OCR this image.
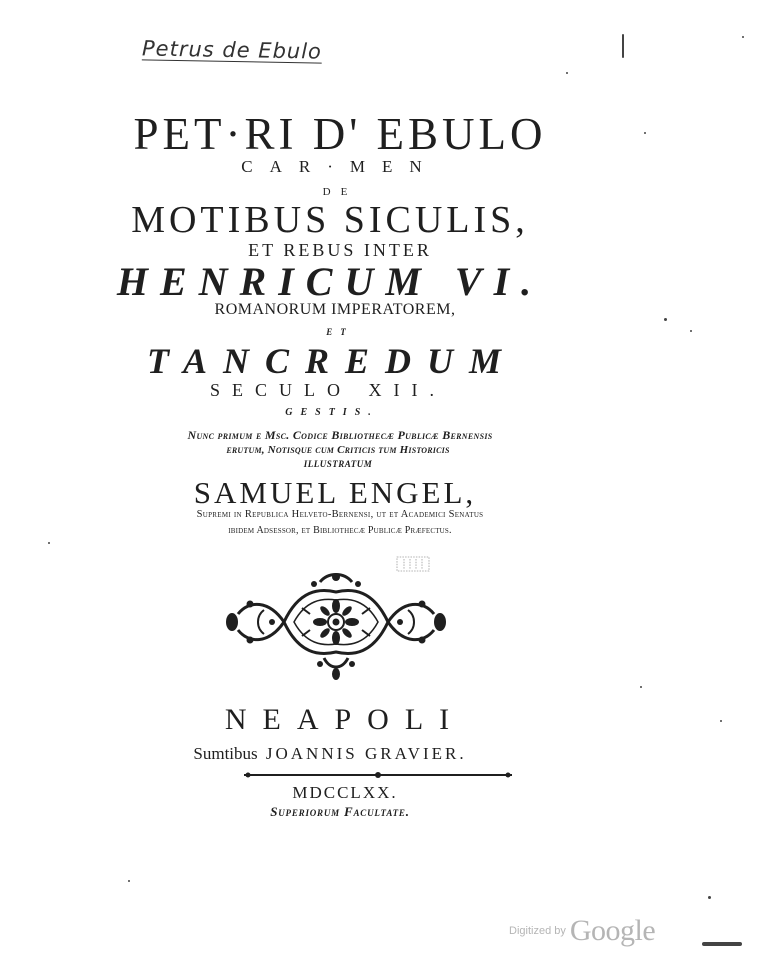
Petrus de Ebulo
PET·RI D' EBULO
CAR·MEN
DE
MOTIBUS SICULIS,
ET REBUS INTER
HENRICUM VI.
ROMANORUM IMPERATOREM,
ET
TANCREDUM
SECULO XII.
GESTIS.
Nunc primum e Msc. Codice Bibliothecæ Publicæ Bernensis
erutum, Notisque cum Criticis tum Historicis
ILLUSTRATUM
SAMUEL ENGEL,
Supremi in Republica Helveto-Bernensi, ut et Academici Senatus
ibidem Adsessor, et Bibliothecæ Publicæ Præfectus.
NEAPOLI
Sumtibus JOANNIS GRAVIER.
MDCCLXX.
Superiorum Facultate.
Digitized by Google
